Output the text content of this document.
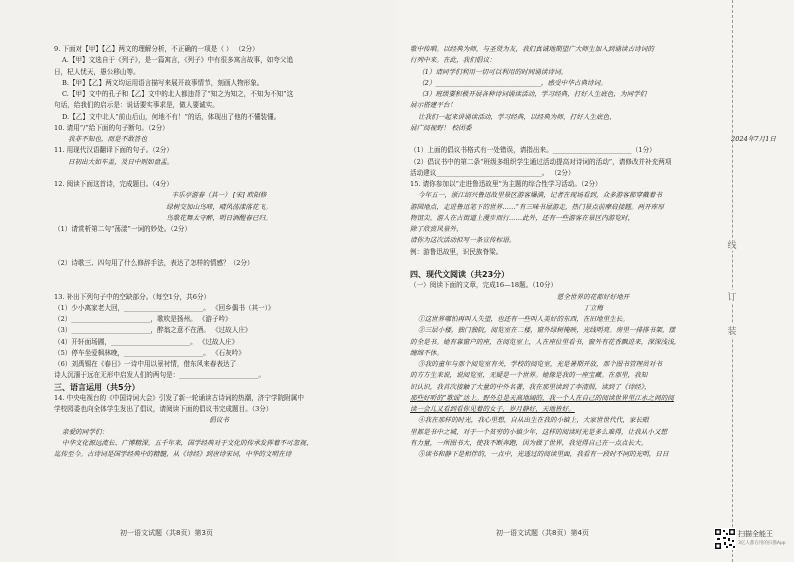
9. 下面对【甲】【乙】两文的理解分析，不正确的一项是（ ） （2分）
A.【甲】文选自于《列子》，是一篇寓言，《列子》中有很多寓言故事，如夸父追
日，杞人忧天，愚公移山等。
B.【甲】【乙】两文均运用语言描写来展开故事情节，刻画人物形象。
C.【甲】文中的孔子和【乙】文中的北人都违背了“知之为知之，不知为不知”这
句话，给我们的启示是：说话要实事求是，做人要诚实。
D.【乙】文中北人“前山后山，何地不有！”的话，体现出了他的不懂装懂。
10. 请用“/”给下面的句子断句。（2分）
我非不知也，而是不敢答也
11. 用现代汉语翻译下面的句子。（2分）
日初出大如车盖，及日中则如盘盂。
12. 阅读下面这首诗，完成题目。（4分）
丰乐亭游春（其一） [宋] 欧阳修
绿树交加山鸟啼，晴风荡漾落花飞。
鸟歌花舞太守醉，明日酒醒春已归。
（1）请赏析第二句“荡漾”一词的妙处。（2分）
（2）诗歌三、四句用了什么修辞手法，表达了怎样的情感？（2分）
13. 补出下列句子中的空缺部分。（每空1分，共6分）
（1）少小离家老大回，________________________。 《回乡偶书（其一）》
（2）________________________，歌吹是扬州。 《游子吟》
（3）________________________，醉翁之意不在酒。 《过故人庄》
（4）开轩面场圃，________________________。 《过故人庄》
（5）停车坐爱枫林晚，________________________。 《石灰吟》
（6）刘禹锡在《春日》一诗中用以景衬情，借东风来春表达了
诗人沉湎于远在无形中启发人们的两句是：________________________。
三、语言运用（共5分）
14. 中央电视台的《中国诗词大会》引发了新一轮诵读古诗词的热潮，济宁学院附属中
学校园委也向全体学生发出了倡议，请阅读下面的倡议书完成题目。（3分）
倡议书
亲爱的同学们：
中华文化源远流长、广博精深。五千年来，国学经典对于文化的传承发挥着不可忽视、
迄传至今。古诗词是国学经典中的精髓，从《诗经》到唐诗宋词，中华的文明在诗
初一语文试题（共8页）第3页
歌中传唱。以经典为师，与圣贤为友，我们真诚地期望广大师生加入到诵读古诗词的
行列中来。在此，我们倡议：
（1）请同学们利用一切可以利用的时间诵读诗词。
（2）________________________________，感受中华古典诗词。
（3）班级要积极开展各种诗词诵读活动，学习经典，打好人生底色，为同学们
展示搭建平台！
让我们一起来讲诵读活动，学习经典，以经典为师，打好人生底色，
展广阅视野！ 校团委
2024年7月1日
（1）上面的倡议书格式有一处错误，请指出来。________________________（1分）
（2）倡议书中的第二条“班级多组织学生通过活动提高对诗词的活动”，请修改并补充两项
活动建议________________________________。 （2分）
15. 请你参加以“走进鲁迅故里”为主题的综合性学习活动。（2分）
今年五一，浙江绍兴鲁迅故里景区游客爆满，记者在现场看到，众多游客都穿戴着书
游园地点，走进鲁迅笔下的世界……“有三味书屋游走，热门景点前摩肩接踵。两开库厚
物馆尖。游人在古街道上漫步而行……此外，还有一些游客在景区内游览时，
除了欣赏风景外，
请你为这次活动拟写一条宣传标语。
例：游鲁迅故里，识民族脊梁。
四、现代文阅读（共23分）
（一）阅读下面的文章，完成16—18题。（10分）
愿全世界的花都好好地开
丁立梅
①这世界哪怕再叫人失望，也还有一些叫人美好的东西，在旧地里生长。
②三层小楼，独门独院，阅览室在二楼，窗外绿树掩映，光线明亮。房里一排排书架，摆
的全是书。她有靠窗户的座，在阅览室上，人在座位里看书，窗外有花香飘进来，深深浅浅，
缠绵不休。
③我的童年与那个阅览室有关，学校的阅览室，光是暑期开放，那个图书管理员对书
的方方生来说，说阅览室，无疑是一个世界。她像是我的一座宝藏。在那里，我知
识认识，我首次接触了大量的中外名著，我在那里读到了李清照，读到了《诗经》，
那些好听的“歌谣”达上。野外总是天高地阔的，我一个人在自己的阅读世界里江水之间的阅
读一会儿又看到看你见着的女子，岁月静好，天地皆好。
④我在那样的时光，我心里想，自从出生在我的小镇上，大家世世代代，家长眼
里都是书中之城，对于一个贫穷的小镇少年，这样的阅读时光是多么难得，让我从小又想
有力量，一所图书大，使我不断奔跑，因为做了世界，我觉得自己在一点点长大。
⑤读书和静下是相伴的，一点中，光透过的阅读里面，我看有一段时不同的光明，日日
线
订
装
初一语文试题（共8页）第4页	扫描全能王
3亿人都在用的扫描App
